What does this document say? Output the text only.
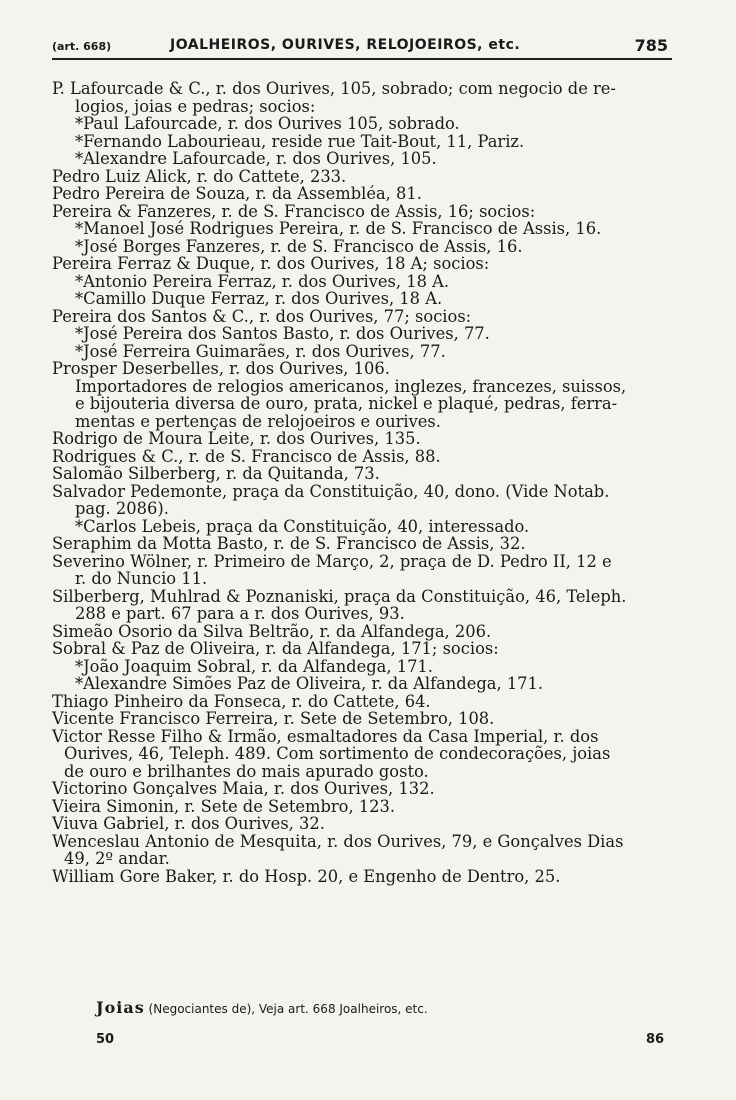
(art. 668)	JOALHEIROS, OURIVES, RELOJOEIROS, etc.	785
P. Lafourcade & C., r. dos Ourives, 105, sobrado; com negocio de re-
logios, joias e pedras; socios:
*Paul Lafourcade, r. dos Ourives 105, sobrado.
*Fernando Labourieau, reside rue Tait-Bout, 11, Pariz.
*Alexandre Lafourcade, r. dos Ourives, 105.
Pedro Luiz Alick, r. do Cattete, 233.
Pedro Pereira de Souza, r. da Assembléa, 81.
Pereira & Fanzeres, r. de S. Francisco de Assis, 16; socios:
*Manoel José Rodrigues Pereira, r. de S. Francisco de Assis, 16.
*José Borges Fanzeres, r. de S. Francisco de Assis, 16.
Pereira Ferraz & Duque, r. dos Ourives, 18 A; socios:
*Antonio Pereira Ferraz, r. dos Ourives, 18 A.
*Camillo Duque Ferraz, r. dos Ourives, 18 A.
Pereira dos Santos & C., r. dos Ourives, 77; socios:
*José Pereira dos Santos Basto, r. dos Ourives, 77.
*José Ferreira Guimarães, r. dos Ourives, 77.
Prosper Deserbelles, r. dos Ourives, 106.
Importadores de relogios americanos, inglezes, francezes, suissos,
e bijouteria diversa de ouro, prata, nickel e plaqué, pedras, ferra-
mentas e pertenças de relojoeiros e ourives.
Rodrigo de Moura Leite, r. dos Ourives, 135.
Rodrigues & C., r. de S. Francisco de Assis, 88.
Salomão Silberberg, r. da Quitanda, 73.
Salvador Pedemonte, praça da Constituição, 40, dono. (Vide Notab.
pag. 2086).
*Carlos Lebeis, praça da Constituição, 40, interessado.
Seraphim da Motta Basto, r. de S. Francisco de Assis, 32.
Severino Wölner, r. Primeiro de Março, 2, praça de D. Pedro II, 12 e
r. do Nuncio 11.
Silberberg, Muhlrad & Poznaniski, praça da Constituição, 46, Teleph.
288 e part. 67 para a r. dos Ourives, 93.
Simeão Osorio da Silva Beltrão, r. da Alfandega, 206.
Sobral & Paz de Oliveira, r. da Alfandega, 171; socios:
*João Joaquim Sobral, r. da Alfandega, 171.
*Alexandre Simões Paz de Oliveira, r. da Alfandega, 171.
Thiago Pinheiro da Fonseca, r. do Cattete, 64.
Vicente Francisco Ferreira, r. Sete de Setembro, 108.
Victor Resse Filho & Irmão, esmaltadores da Casa Imperial, r. dos
Ourives, 46, Teleph. 489. Com sortimento de condecorações, joias
de ouro e brilhantes do mais apurado gosto.
Victorino Gonçalves Maia, r. dos Ourives, 132.
Vieira Simonin, r. Sete de Setembro, 123.
Viuva Gabriel, r. dos Ourives, 32.
Wenceslau Antonio de Mesquita, r. dos Ourives, 79, e Gonçalves Dias
49, 2º andar.
William Gore Baker, r. do Hosp. 20, e Engenho de Dentro, 25.
Joias (Negociantes de), Veja art. 668 Joalheiros, etc.
50	86
